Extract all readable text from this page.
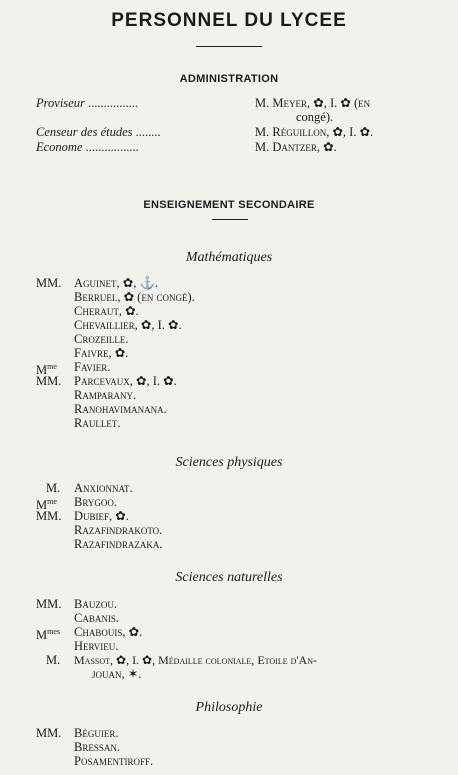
PERSONNEL DU LYCEE
ADMINISTRATION
Proviseur ................	M. Meyer, ✿, I. ✿ (en
congé).
Censeur des études ........	M. Réguillon, ✿, I. ✿.
Econome .................	M. Dantzer, ✿.
ENSEIGNEMENT SECONDAIRE
Mathématiques
MM. Aguinet, ✿, ⚓.
Berruel, ✿ (en congé).
Cheraut, ✿.
Chevaillier, ✿, I. ✿.
Crozeille.
Faivre, ✿.
$M^{me}$ Favier.
MM. Parcevaux, ✿, I. ✿.
Ramparany.
Ranohavimanana.
Raullet.
Sciences physiques
M. Anxionnat.
$M^{me}$ Brygoo.
MM. Dubief, ✿.
Razafindrakoto.
Razafindrazaka.
Sciences naturelles
MM. Bauzou.
Cabanis.
$M^{mes}$ Chabouis, ✿.
Hervieu.
M. Massot, ✿, I. ✿, Médaille coloniale, Etoile d'An-
jouan, ✶.
Philosophie
MM. Béguier.
Bressan.
Posamentiroff.
